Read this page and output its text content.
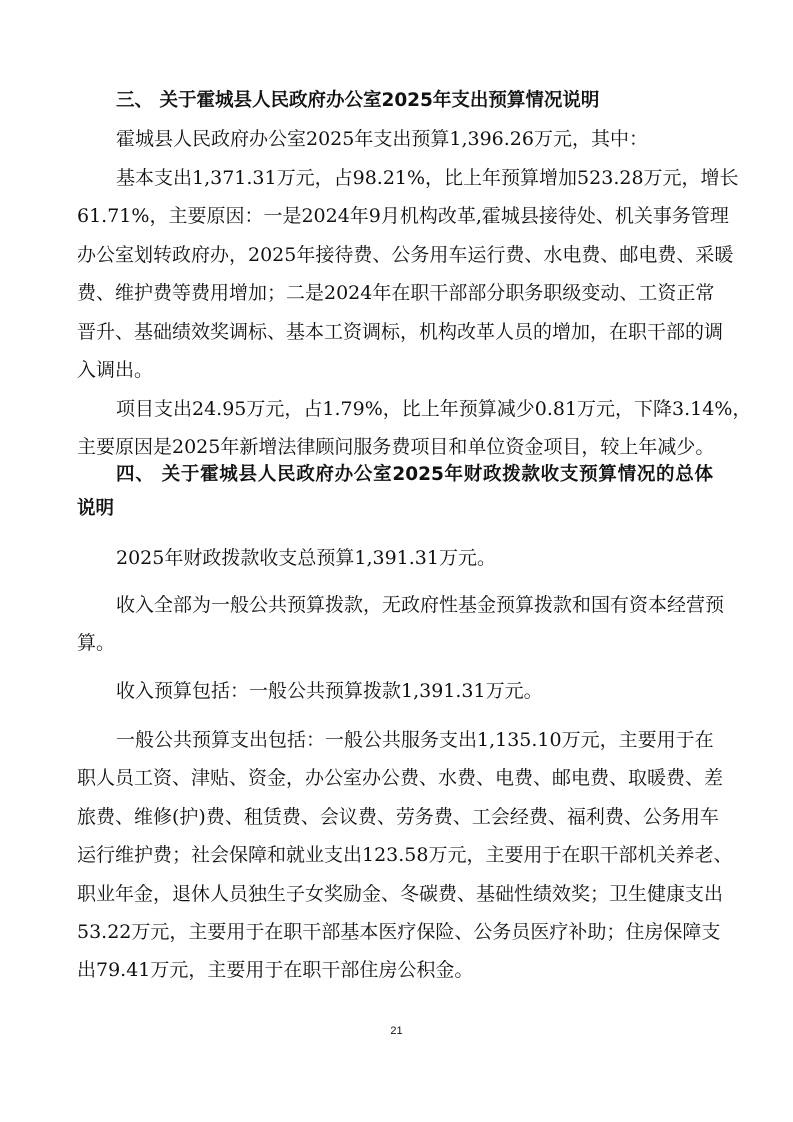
三、 关于霍城县人民政府办公室2025年支出预算情况说明
霍城县人民政府办公室2025年支出预算1,396.26万元，其中：
基本支出1,371.31万元，占98.21%，比上年预算增加523.28万元，增长
61.71%，主要原因：一是2024年9月机构改革,霍城县接待处、机关事务管理
办公室划转政府办，2025年接待费、公务用车运行费、水电费、邮电费、采暖
费、维护费等费用增加；二是2024年在职干部部分职务职级变动、工资正常
晋升、基础绩效奖调标、基本工资调标，机构改革人员的增加，在职干部的调
入调出。
项目支出24.95万元，占1.79%，比上年预算减少0.81万元，下降3.14%，
主要原因是2025年新增法律顾问服务费项目和单位资金项目，较上年减少。
四、 关于霍城县人民政府办公室2025年财政拨款收支预算情况的总体
说明
2025年财政拨款收支总预算1,391.31万元。
收入全部为一般公共预算拨款，无政府性基金预算拨款和国有资本经营预
算。
收入预算包括：一般公共预算拨款1,391.31万元。
一般公共预算支出包括：一般公共服务支出1,135.10万元，主要用于在
职人员工资、津贴、资金，办公室办公费、水费、电费、邮电费、取暖费、差
旅费、维修(护)费、租赁费、会议费、劳务费、工会经费、福利费、公务用车
运行维护费；社会保障和就业支出123.58万元，主要用于在职干部机关养老、
职业年金，退休人员独生子女奖励金、冬碳费、基础性绩效奖；卫生健康支出
53.22万元，主要用于在职干部基本医疗保险、公务员医疗补助；住房保障支
出79.41万元，主要用于在职干部住房公积金。
21
